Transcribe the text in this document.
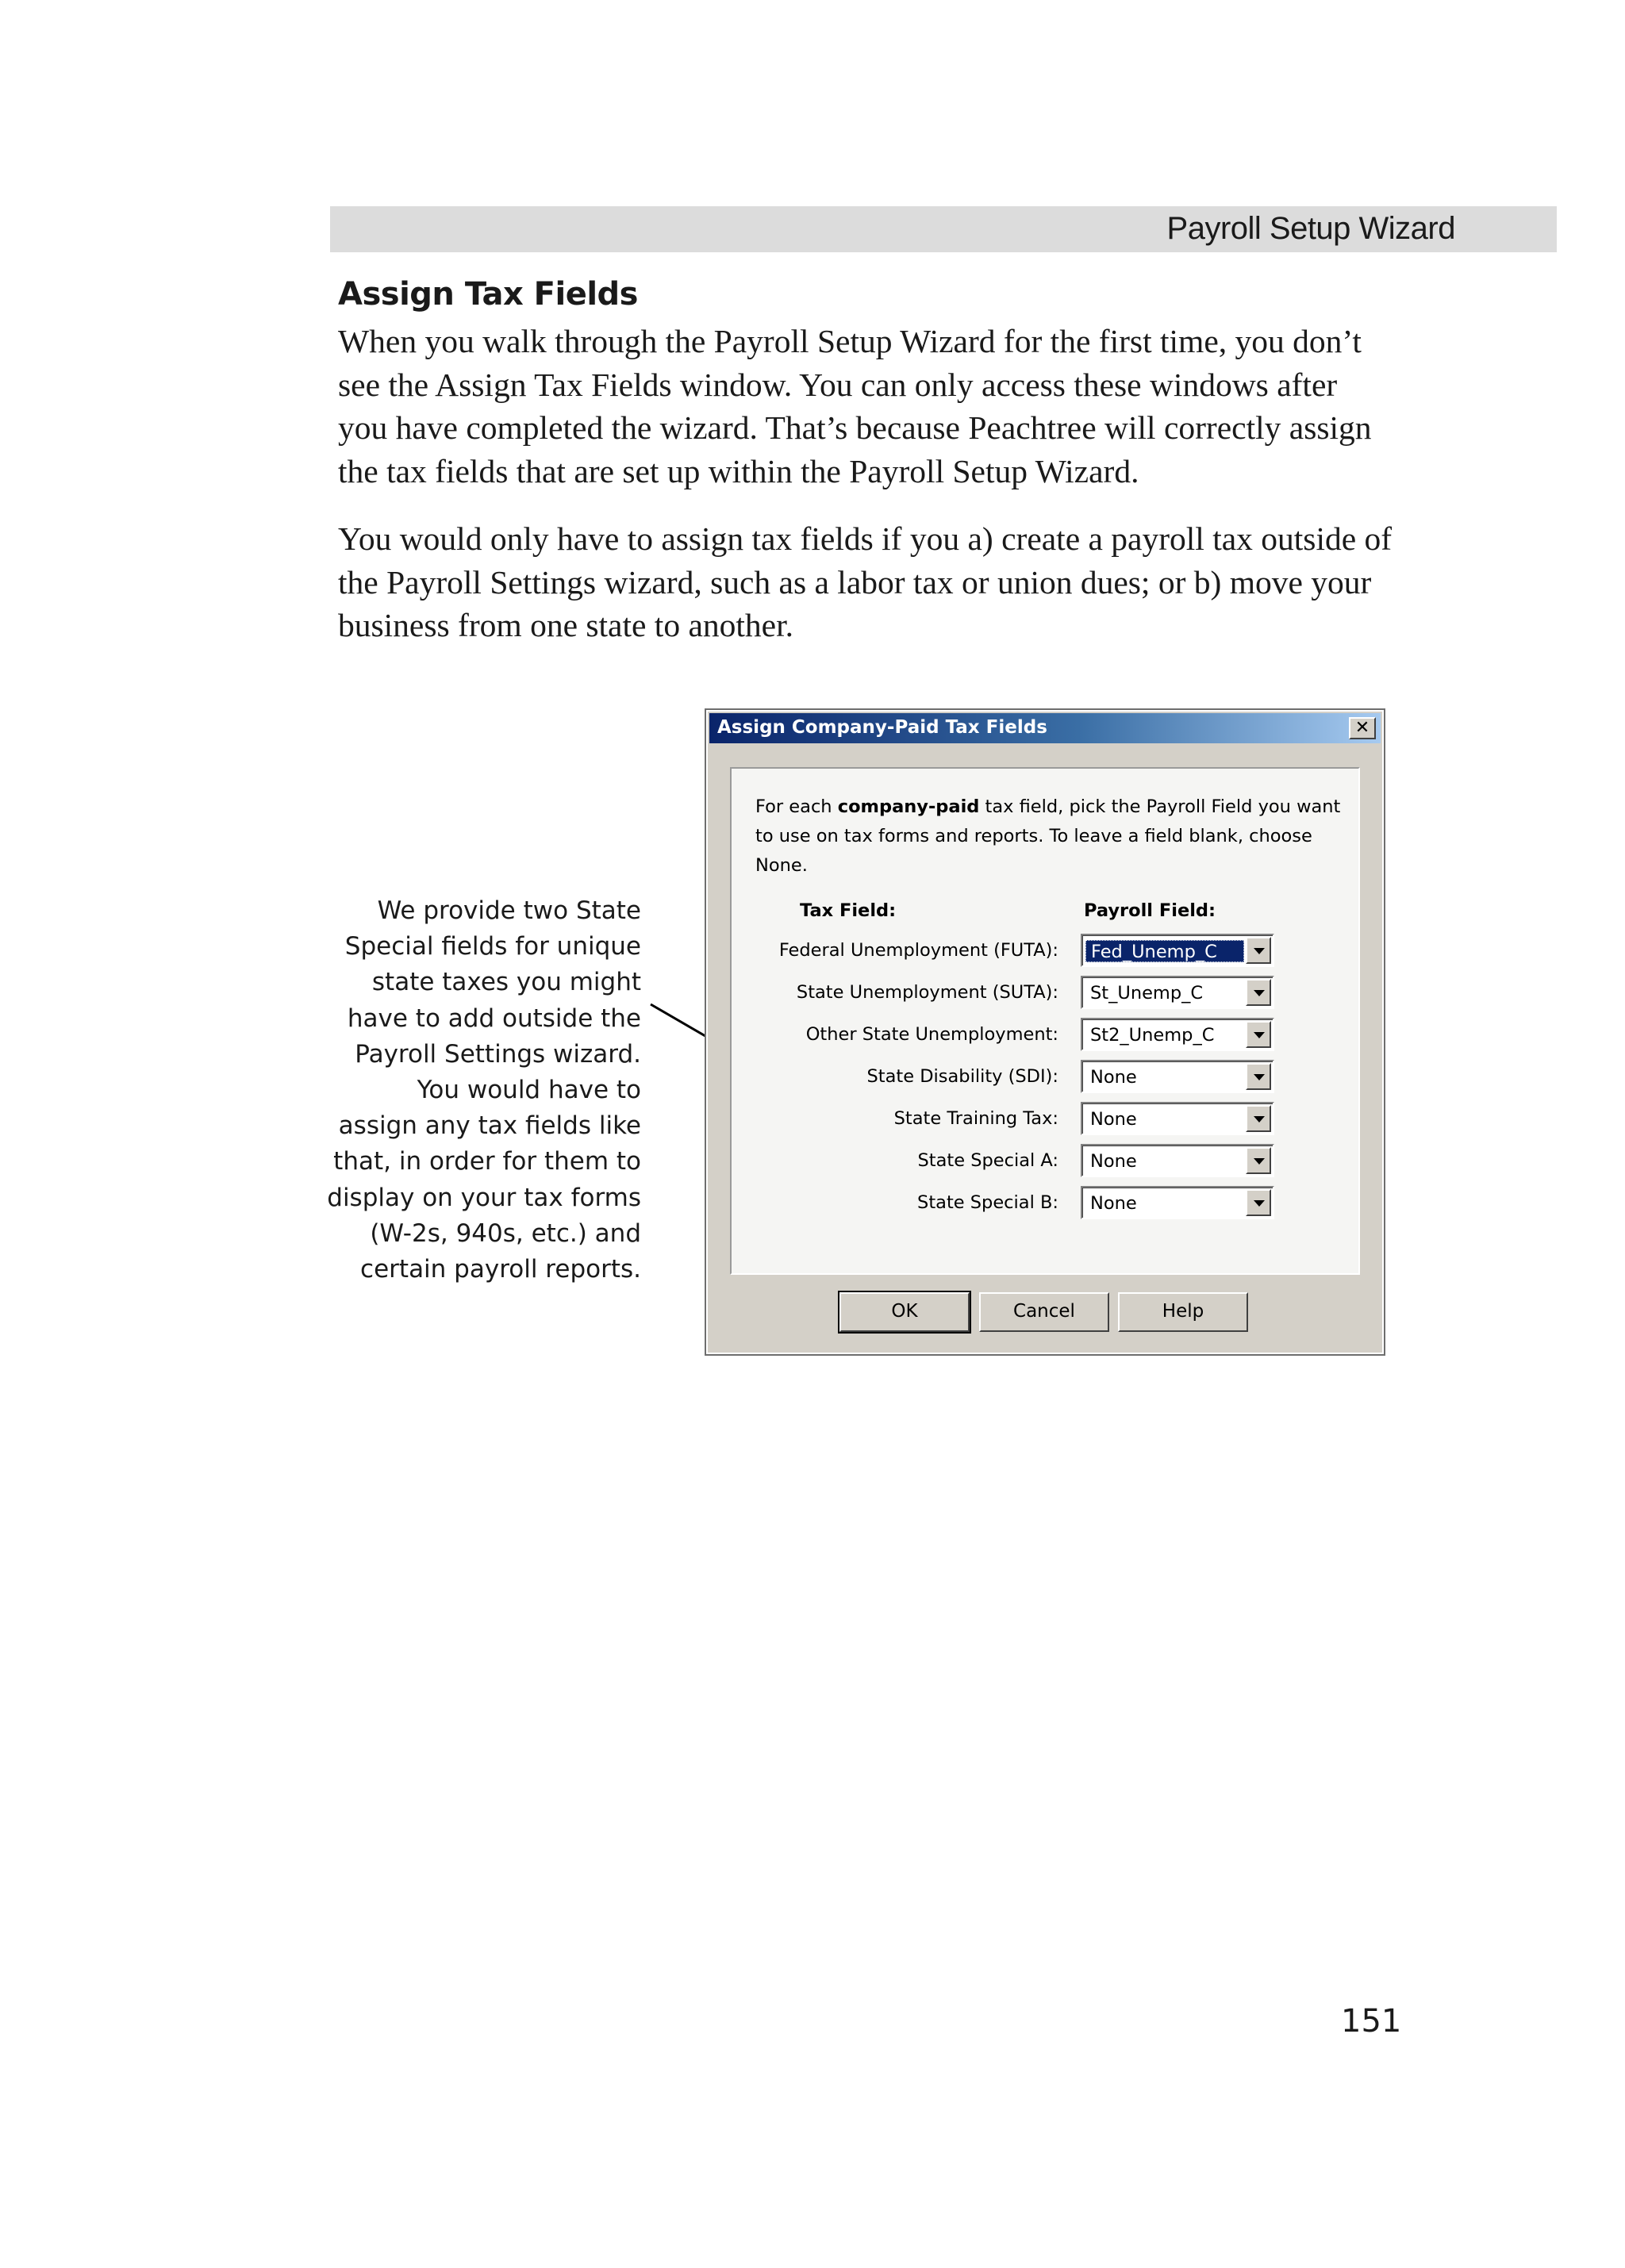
Payroll Setup Wizard
Assign Tax Fields

When you walk through the Payroll Setup Wizard for the first time, you don’t see the Assign Tax Fields window. You can only access these windows after you have completed the wizard. That’s because Peachtree will correctly assign the tax fields that are set up within the Payroll Setup Wizard.

You would only have to assign tax fields if you a) create a payroll tax outside of the Payroll Settings wizard, such as a labor tax or union dues; or b) move your business from one state to another.

We provide two State
Special fields for unique
state taxes you might
have to add outside the
Payroll Settings wizard.
You would have to
assign any tax fields like
that, in order for them to
display on your tax forms
(W-2s, 940s, etc.) and
certain payroll reports.
Assign Company-Paid Tax Fields	✕
For each company-paid tax field, pick the Payroll Field you want
to use on tax forms and reports. To leave a field blank, choose None.
Tax Field:	Payroll Field:
Federal Unemployment (FUTA):	Fed_Unemp_C
State Unemployment (SUTA): St_Unemp_C
Other State Unemployment: St2_Unemp_C
State Disability (SDI): None
State Training Tax: None
State Special A: None
State Special B: None
OK	Cancel	Help
151
